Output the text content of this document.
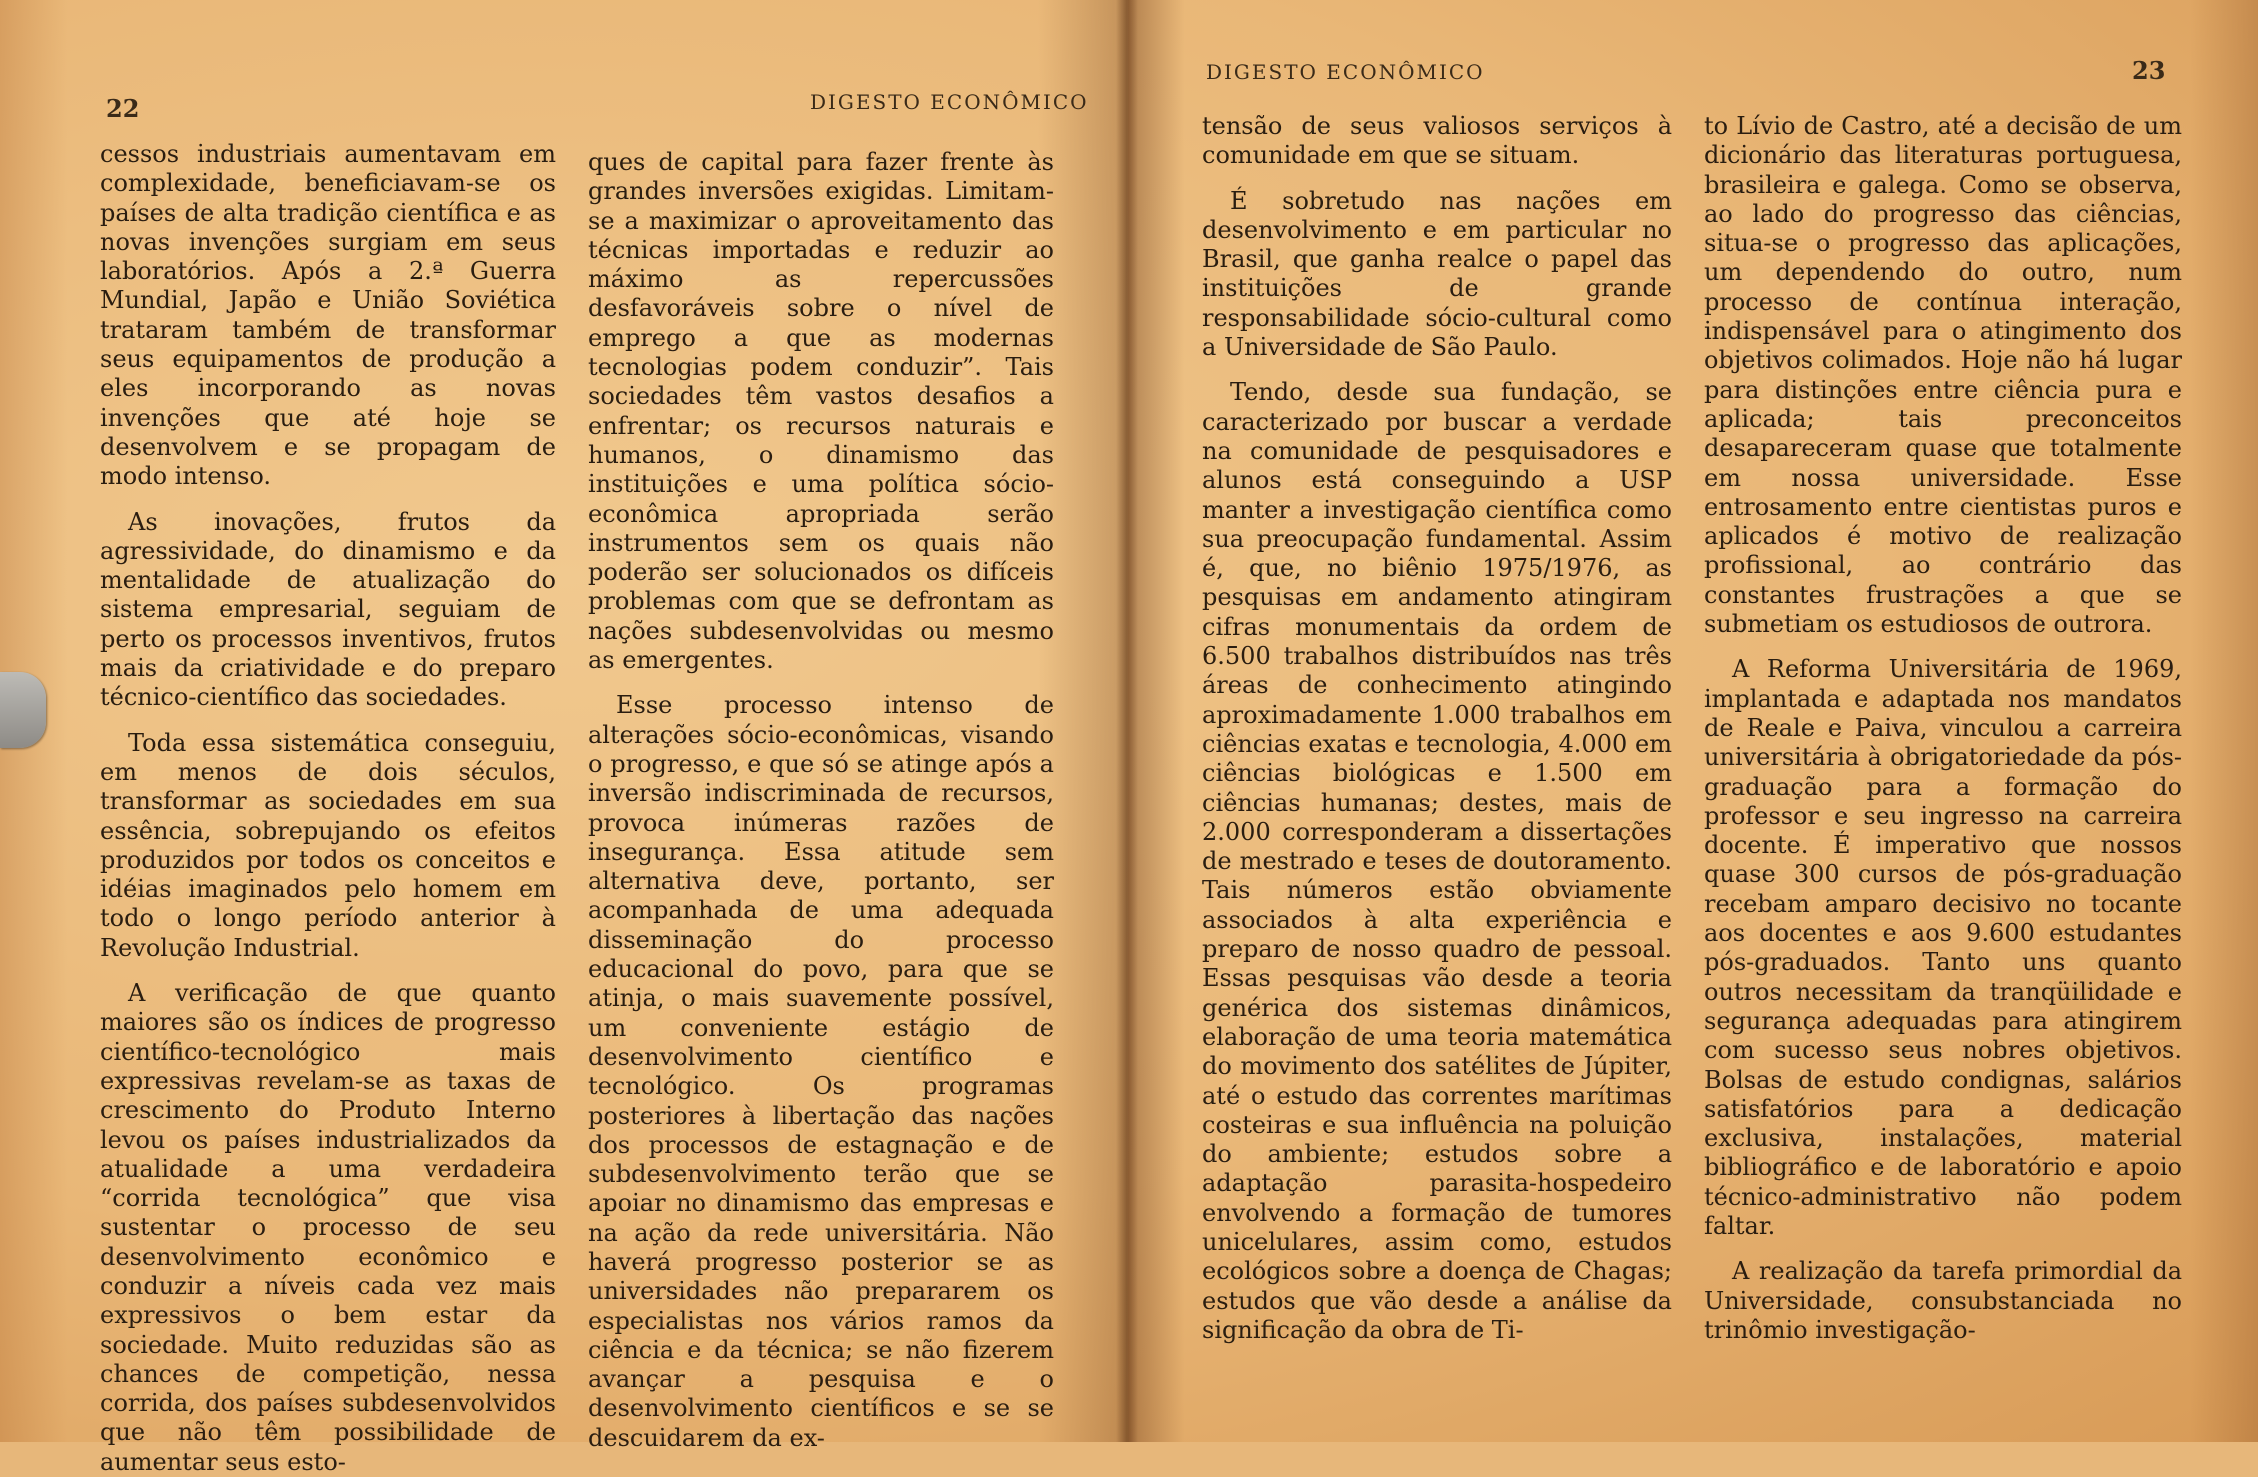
22	DIGESTO ECONÔMICO

cessos industriais aumentavam em complexidade, beneficiavam-se os países de alta tradição científica e as novas invenções surgiam em seus laboratórios. Após a 2.ª Guerra Mundial, Japão e União Soviética trataram também de transformar seus equipamentos de produção a eles incorporando as novas invenções que até hoje se desenvolvem e se propagam de modo intenso.

As inovações, frutos da agressividade, do dinamismo e da mentalidade de atualização do sistema empresarial, seguiam de perto os processos inventivos, frutos mais da criatividade e do preparo técnico-científico das sociedades.

Toda essa sistemática conseguiu, em menos de dois séculos, transformar as sociedades em sua essência, sobrepujando os efeitos produzidos por todos os conceitos e idéias imaginados pelo homem em todo o longo período anterior à Revolução Industrial.

A verificação de que quanto maiores são os índices de progresso científico-tecnológico mais expressivas revelam-se as taxas de crescimento do Produto Interno levou os países industrializados da atualidade a uma verdadeira “corrida tecnológica” que visa sustentar o processo de seu desenvolvimento econômico e conduzir a níveis cada vez mais expressivos o bem estar da sociedade. Muito reduzidas são as chances de competição, nessa corrida, dos países subdesenvolvidos que não têm possibilidade de aumentar seus esto-

ques de capital para fazer frente às grandes inversões exigidas. Limitam-se a maximizar o aproveitamento das técnicas importadas e reduzir ao máximo as repercussões desfavoráveis sobre o nível de emprego a que as modernas tecnologias podem conduzir”. Tais sociedades têm vastos desafios a enfrentar; os recursos naturais e humanos, o dinamismo das instituições e uma política sócio-econômica apropriada serão instrumentos sem os quais não poderão ser solucionados os difíceis problemas com que se defrontam as nações subdesenvolvidas ou mesmo as emergentes.

Esse processo intenso de alterações sócio-econômicas, visando o progresso, e que só se atinge após a inversão indiscriminada de recursos, provoca inúmeras razões de insegurança. Essa atitude sem alternativa deve, portanto, ser acompanhada de uma adequada disseminação do processo educacional do povo, para que se atinja, o mais suavemente possível, um conveniente estágio de desenvolvimento científico e tecnológico. Os programas posteriores à libertação das nações dos processos de estagnação e de subdesenvolvimento terão que se apoiar no dinamismo das empresas e na ação da rede universitária. Não haverá progresso posterior se as universidades não prepararem os especialistas nos vários ramos da ciência e da técnica; se não fizerem avançar a pesquisa e o desenvolvimento científicos e se se descuidarem da ex-

DIGESTO ECONÔMICO	23

tensão de seus valiosos serviços à comunidade em que se situam.

É sobretudo nas nações em desenvolvimento e em particular no Brasil, que ganha realce o papel das instituições de grande responsabilidade sócio-cultural como a Universidade de São Paulo.

Tendo, desde sua fundação, se caracterizado por buscar a verdade na comunidade de pesquisadores e alunos está conseguindo a USP manter a investigação científica como sua preocupação fundamental. Assim é, que, no biênio 1975/1976, as pesquisas em andamento atingiram cifras monumentais da ordem de 6.500 trabalhos distribuídos nas três áreas de conhecimento atingindo aproximadamente 1.000 trabalhos em ciências exatas e tecnologia, 4.000 em ciências biológicas e 1.500 em ciências humanas; destes, mais de 2.000 corresponderam a dissertações de mestrado e teses de doutoramento. Tais números estão obviamente associados à alta experiência e preparo de nosso quadro de pessoal. Essas pesquisas vão desde a teoria genérica dos sistemas dinâmicos, elaboração de uma teoria matemática do movimento dos satélites de Júpiter, até o estudo das correntes marítimas costeiras e sua influência na poluição do ambiente; estudos sobre a adaptação parasita-hospedeiro envolvendo a formação de tumores unicelulares, assim como, estudos ecológicos sobre a doença de Chagas; estudos que vão desde a análise da significação da obra de Ti-

to Lívio de Castro, até a decisão de um dicionário das literaturas portuguesa, brasileira e galega. Como se observa, ao lado do progresso das ciências, situa-se o progresso das aplicações, um dependendo do outro, num processo de contínua interação, indispensável para o atingimento dos objetivos colimados. Hoje não há lugar para distinções entre ciência pura e aplicada; tais preconceitos desapareceram quase que totalmente em nossa universidade. Esse entrosamento entre cientistas puros e aplicados é motivo de realização profissional, ao contrário das constantes frustrações a que se submetiam os estudiosos de outrora.

A Reforma Universitária de 1969, implantada e adaptada nos mandatos de Reale e Paiva, vinculou a carreira universitária à obrigatoriedade da pós-graduação para a formação do professor e seu ingresso na carreira docente. É imperativo que nossos quase 300 cursos de pós-graduação recebam amparo decisivo no tocante aos docentes e aos 9.600 estudantes pós-graduados. Tanto uns quanto outros necessitam da tranqüilidade e segurança adequadas para atingirem com sucesso seus nobres objetivos. Bolsas de estudo condignas, salários satisfatórios para a dedicação exclusiva, instalações, material bibliográfico e de laboratório e apoio técnico-administrativo não podem faltar.

A realização da tarefa primordial da Universidade, consubstanciada no trinômio investigação-
